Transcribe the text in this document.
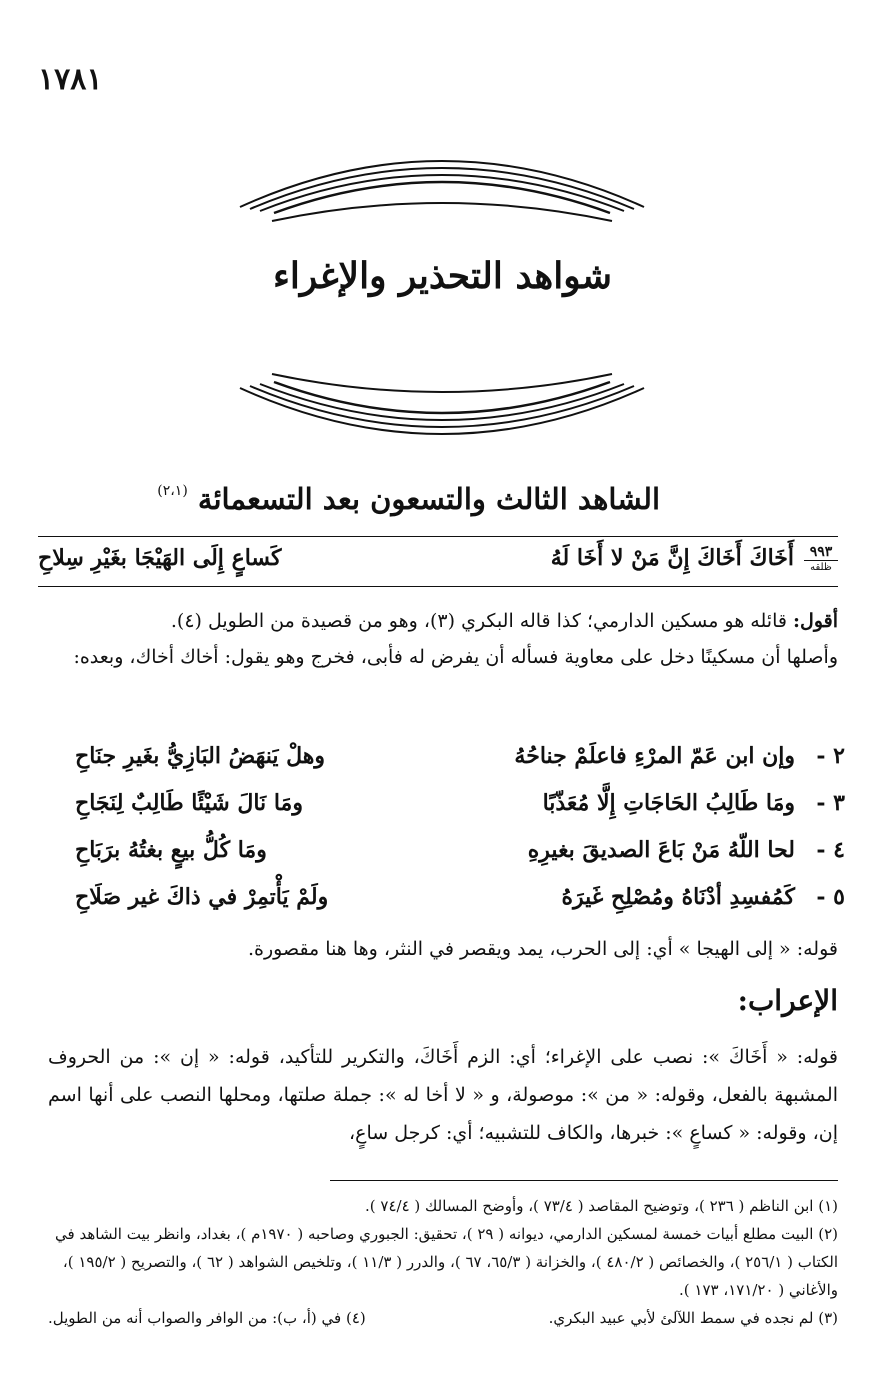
١٧٨١
شواهد التحذير والإغراء
الشاهد الثالث والتسعون بعد التسعمائة $^{(٢،١)}$
٩٩٣
ظلقه
أَخَاكَ أَخَاكَ إِنَّ مَنْ لا أَخَا لَهُ
كَساعٍ إِلَى الهَيْجَا بغَيْرِ سِلاحِ

أقول: قائله هو مسكين الدارمي؛ كذا قاله البكري (٣)، وهو من قصيدة من الطويل (٤).

وأصلها أن مسكينًا دخل على معاوية فسأله أن يفرض له فأبى، فخرج وهو يقول: أخاك أخاك، وبعده:

٢ -
وإن ابن عَمّ المرْءِ فاعلَمْ جناحُهُ
وهلْ يَنهَضُ البَازِيُّ بغَيرِ جنَاحِ
٣ -
ومَا طَالِبُ الحَاجَاتِ إِلَّا مُعَذّبًا
ومَا نَالَ شَيْئًا طَالِبٌ لِنَجَاحِ
٤ -
لحا اللّهُ مَنْ بَاعَ الصديقَ بغيرِهِ
ومَا كُلُّ بيعٍ بغتُهُ برَبَاحِ
٥ -
كَمُفسِدِ أدْنَاهُ ومُصْلِحِ غَيرَهُ
ولَمْ يَأْتمِرْ في ذاكَ غير صَلَاحِ
قوله: « إلى الهيجا » أي: إلى الحرب، يمد ويقصر في النثر، وها هنا مقصورة.
الإعراب:

قوله: « أَخَاكَ »: نصب على الإغراء؛ أي: الزم أَخَاكَ، والتكرير للتأكيد، قوله: « إن »: من الحروف المشبهة بالفعل، وقوله: « من »: موصولة، و « لا أخا له »: جملة صلتها، ومحلها النصب على أنها اسم إن، وقوله: « كساعٍ »: خبرها، والكاف للتشبيه؛ أي: كرجل ساعٍ،

(١) ابن الناظم ( ٢٣٦ )، وتوضيح المقاصد ( ٧٣/٤ )، وأوضح المسالك ( ٧٤/٤ ).

(٢) البيت مطلع أبيات خمسة لمسكين الدارمي، ديوانه ( ٢٩ )، تحقيق: الجبوري وصاحبه ( ١٩٧٠م )، بغداد، وانظر بيت الشاهد في الكتاب ( ٢٥٦/١ )، والخصائص ( ٤٨٠/٢ )، والخزانة ( ٦٥/٣، ٦٧ )، والدرر ( ١١/٣ )، وتلخيص الشواهد ( ٦٢ )، والتصريح ( ١٩٥/٢ )، والأغاني ( ١٧١/٢٠، ١٧٣ ).

(٣) لم نجده في سمط اللآلئ لأبي عبيد البكري.
(٤) في (أ، ب): من الوافر والصواب أنه من الطويل.
